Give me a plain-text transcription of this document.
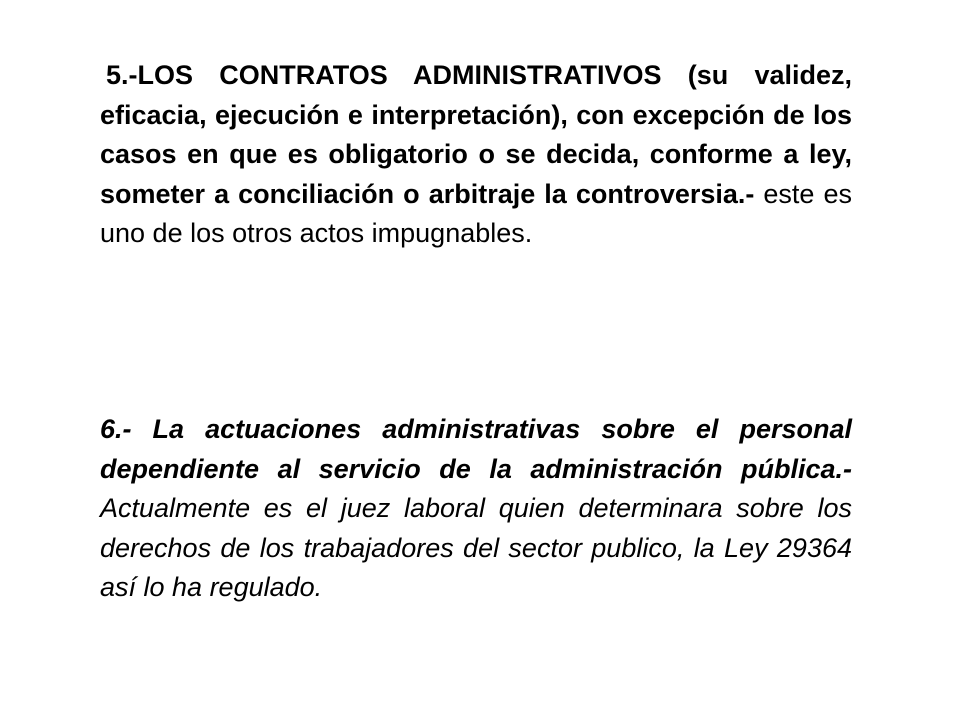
5.-LOS CONTRATOS ADMINISTRATIVOS (su validez, eficacia, ejecución e interpretación), con excepción de los casos en que es obligatorio o se decida, conforme a ley, someter a conciliación o arbitraje la controversia.- este es uno de los otros actos impugnables.

6.- La actuaciones administrativas sobre el personal dependiente al servicio de la administración pública.- Actualmente es el juez laboral quien determinara sobre los derechos de los trabajadores del sector publico, la Ley 29364 así lo ha regulado.
